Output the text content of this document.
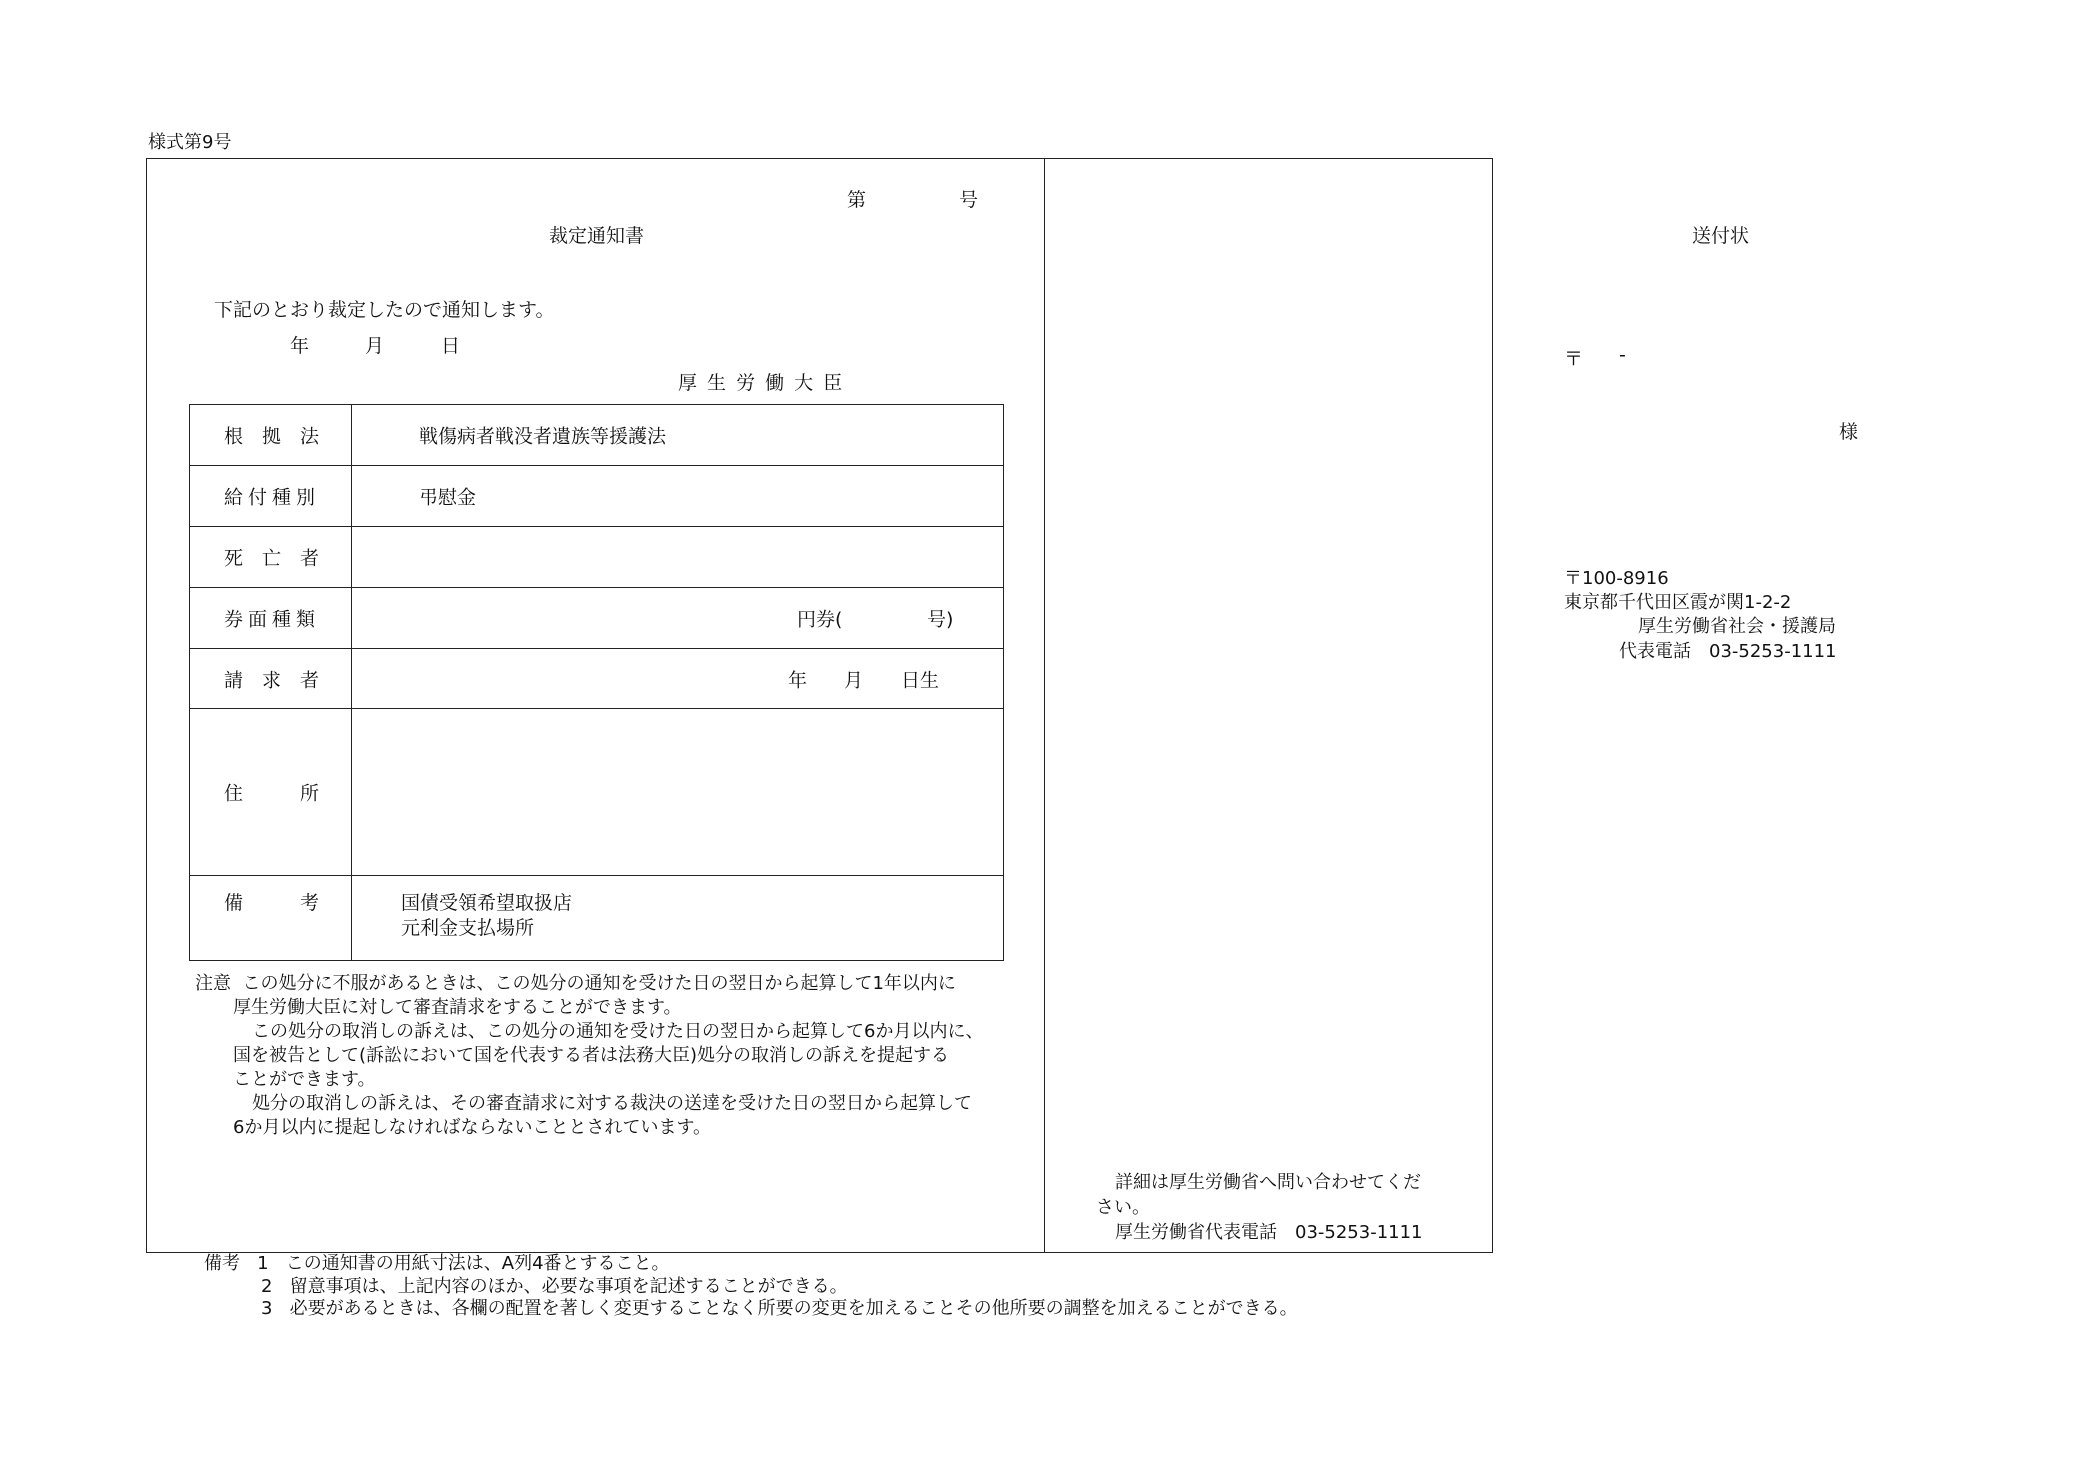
様式第9号
第	号
裁定通知書
下記のとおり裁定したので通知します。
年	月	日
厚 生 労 働 大 臣
根　拠　法	戦傷病者戦没者遺族等援護法

給付種別	弔慰金

死　亡　者	

券面種類	円券( 号)

請　求　者	年 月 日生

住　　　所	

備　　　考	国債受領希望取扱店
元利金支払場所
注意 この処分に不服があるときは、この処分の通知を受けた日の翌日から起算して1年以内に
厚生労働大臣に対して審査請求をすることができます。
この処分の取消しの訴えは、この処分の通知を受けた日の翌日から起算して6か月以内に、
国を被告として(訴訟において国を代表する者は法務大臣)処分の取消しの訴えを提起する
ことができます。
処分の取消しの訴えは、その審査請求に対する裁決の送達を受けた日の翌日から起算して
6か月以内に提起しなければならないこととされています。
詳細は厚生労働省へ問い合わせてくだ
さい。
厚生労働省代表電話　03-5253-1111
送付状
〒 -
様
〒100-8916
東京都千代田区霞が関1-2-2
厚生労働省社会・援護局
代表電話　03-5253-1111
備考 1 この通知書の用紙寸法は、A列4番とすること。
2 留意事項は、上記内容のほか、必要な事項を記述することができる。
3 必要があるときは、各欄の配置を著しく変更することなく所要の変更を加えることその他所要の調整を加えることができる。
